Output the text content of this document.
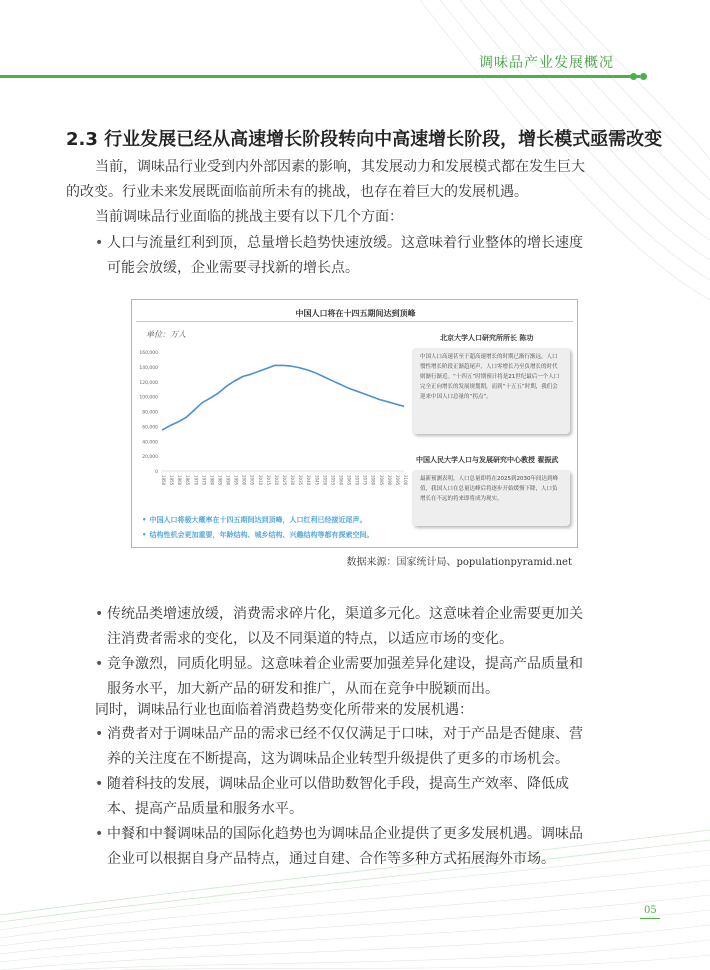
调味品产业发展概况
2.3 行业发展已经从高速增长阶段转向中高速增长阶段，增长模式亟需改变
当前，调味品行业受到内外部因素的影响，其发展动力和发展模式都在发生巨大
的改变。行业未来发展既面临前所未有的挑战，也存在着巨大的发展机遇。
当前调味品行业面临的挑战主要有以下几个方面：
• 人口与流量红利到顶，总量增长趋势快速放缓。这意味着行业整体的增长速度
可能会放缓，企业需要寻找新的增长点。
中国人口将在十四五期间达到顶峰
单位：万人
0
20,000
40,000
60,000
80,000
100,000
120,000
140,000
160,000
1950 1955 1960 1965 1970 1975 1980 1985 1990 1995 2000 2005 2010 2015 2020 2025 2030 2035 2040 2045 2050 2055 2060 2065 2070 2075 2080 2085 2090 2095 2100
北京大学人口研究所所长 陈功
中国人口高速甚至于超高速增长的时期已渐行渐远，人口惯性增长阶段正渐趋尾声，人口零增长乃至负增长的时代则渐行渐近。“十四五”时期预计将是21世纪最后一个人口完全正向增长的发展规划期，而到“十五五”时期，我们会迎来中国人口总量的“拐点”。
中国人民大学人口与发展研究中心教授 翟振武
最新预测表明，人口总量即将在2025到2030年间达到峰值，我国人口在总量达峰后将逐步开始缓慢下降，人口负增长在不远的将来即将成为现实。
• 中国人口将极大概率在十四五期间达到顶峰，人口红利已经接近尾声。
• 结构性机会更加重要，年龄结构、城乡结构、兴趣结构等都有探索空间。
数据来源：国家统计局、populationpyramid.net
• 传统品类增速放缓，消费需求碎片化，渠道多元化。这意味着企业需要更加关
注消费者需求的变化，以及不同渠道的特点，以适应市场的变化。
• 竞争激烈，同质化明显。这意味着企业需要加强差异化建设，提高产品质量和
服务水平，加大新产品的研发和推广，从而在竞争中脱颖而出。
同时，调味品行业也面临着消费趋势变化所带来的发展机遇：
• 消费者对于调味品产品的需求已经不仅仅满足于口味，对于产品是否健康、营
养的关注度在不断提高，这为调味品企业转型升级提供了更多的市场机会。
• 随着科技的发展，调味品企业可以借助数智化手段，提高生产效率、降低成
本、提高产品质量和服务水平。
• 中餐和中餐调味品的国际化趋势也为调味品企业提供了更多发展机遇。调味品
企业可以根据自身产品特点，通过自建、合作等多种方式拓展海外市场。
05
